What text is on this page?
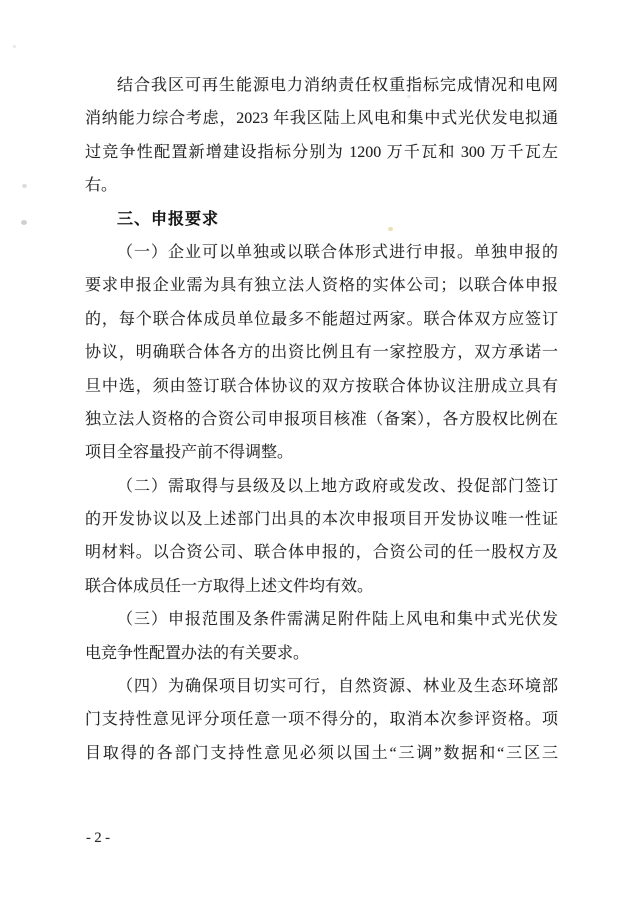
结合我区可再生能源电力消纳责任权重指标完成情况和电网
消纳能力综合考虑，2023 年我区陆上风电和集中式光伏发电拟通
过竞争性配置新增建设指标分别为 1200 万千瓦和 300 万千瓦左
右。
三、申报要求
（一）企业可以单独或以联合体形式进行申报。单独申报的
要求申报企业需为具有独立法人资格的实体公司；以联合体申报
的，每个联合体成员单位最多不能超过两家。联合体双方应签订
协议，明确联合体各方的出资比例且有一家控股方，双方承诺一
旦中选，须由签订联合体协议的双方按联合体协议注册成立具有
独立法人资格的合资公司申报项目核准（备案），各方股权比例在
项目全容量投产前不得调整。
（二）需取得与县级及以上地方政府或发改、投促部门签订
的开发协议以及上述部门出具的本次申报项目开发协议唯一性证
明材料。以合资公司、联合体申报的，合资公司的任一股权方及
联合体成员任一方取得上述文件均有效。
（三）申报范围及条件需满足附件陆上风电和集中式光伏发
电竞争性配置办法的有关要求。
（四）为确保项目切实可行，自然资源、林业及生态环境部
门支持性意见评分项任意一项不得分的，取消本次参评资格。项
目取得的各部门支持性意见必须以国土“三调”数据和“三区三
-2-
